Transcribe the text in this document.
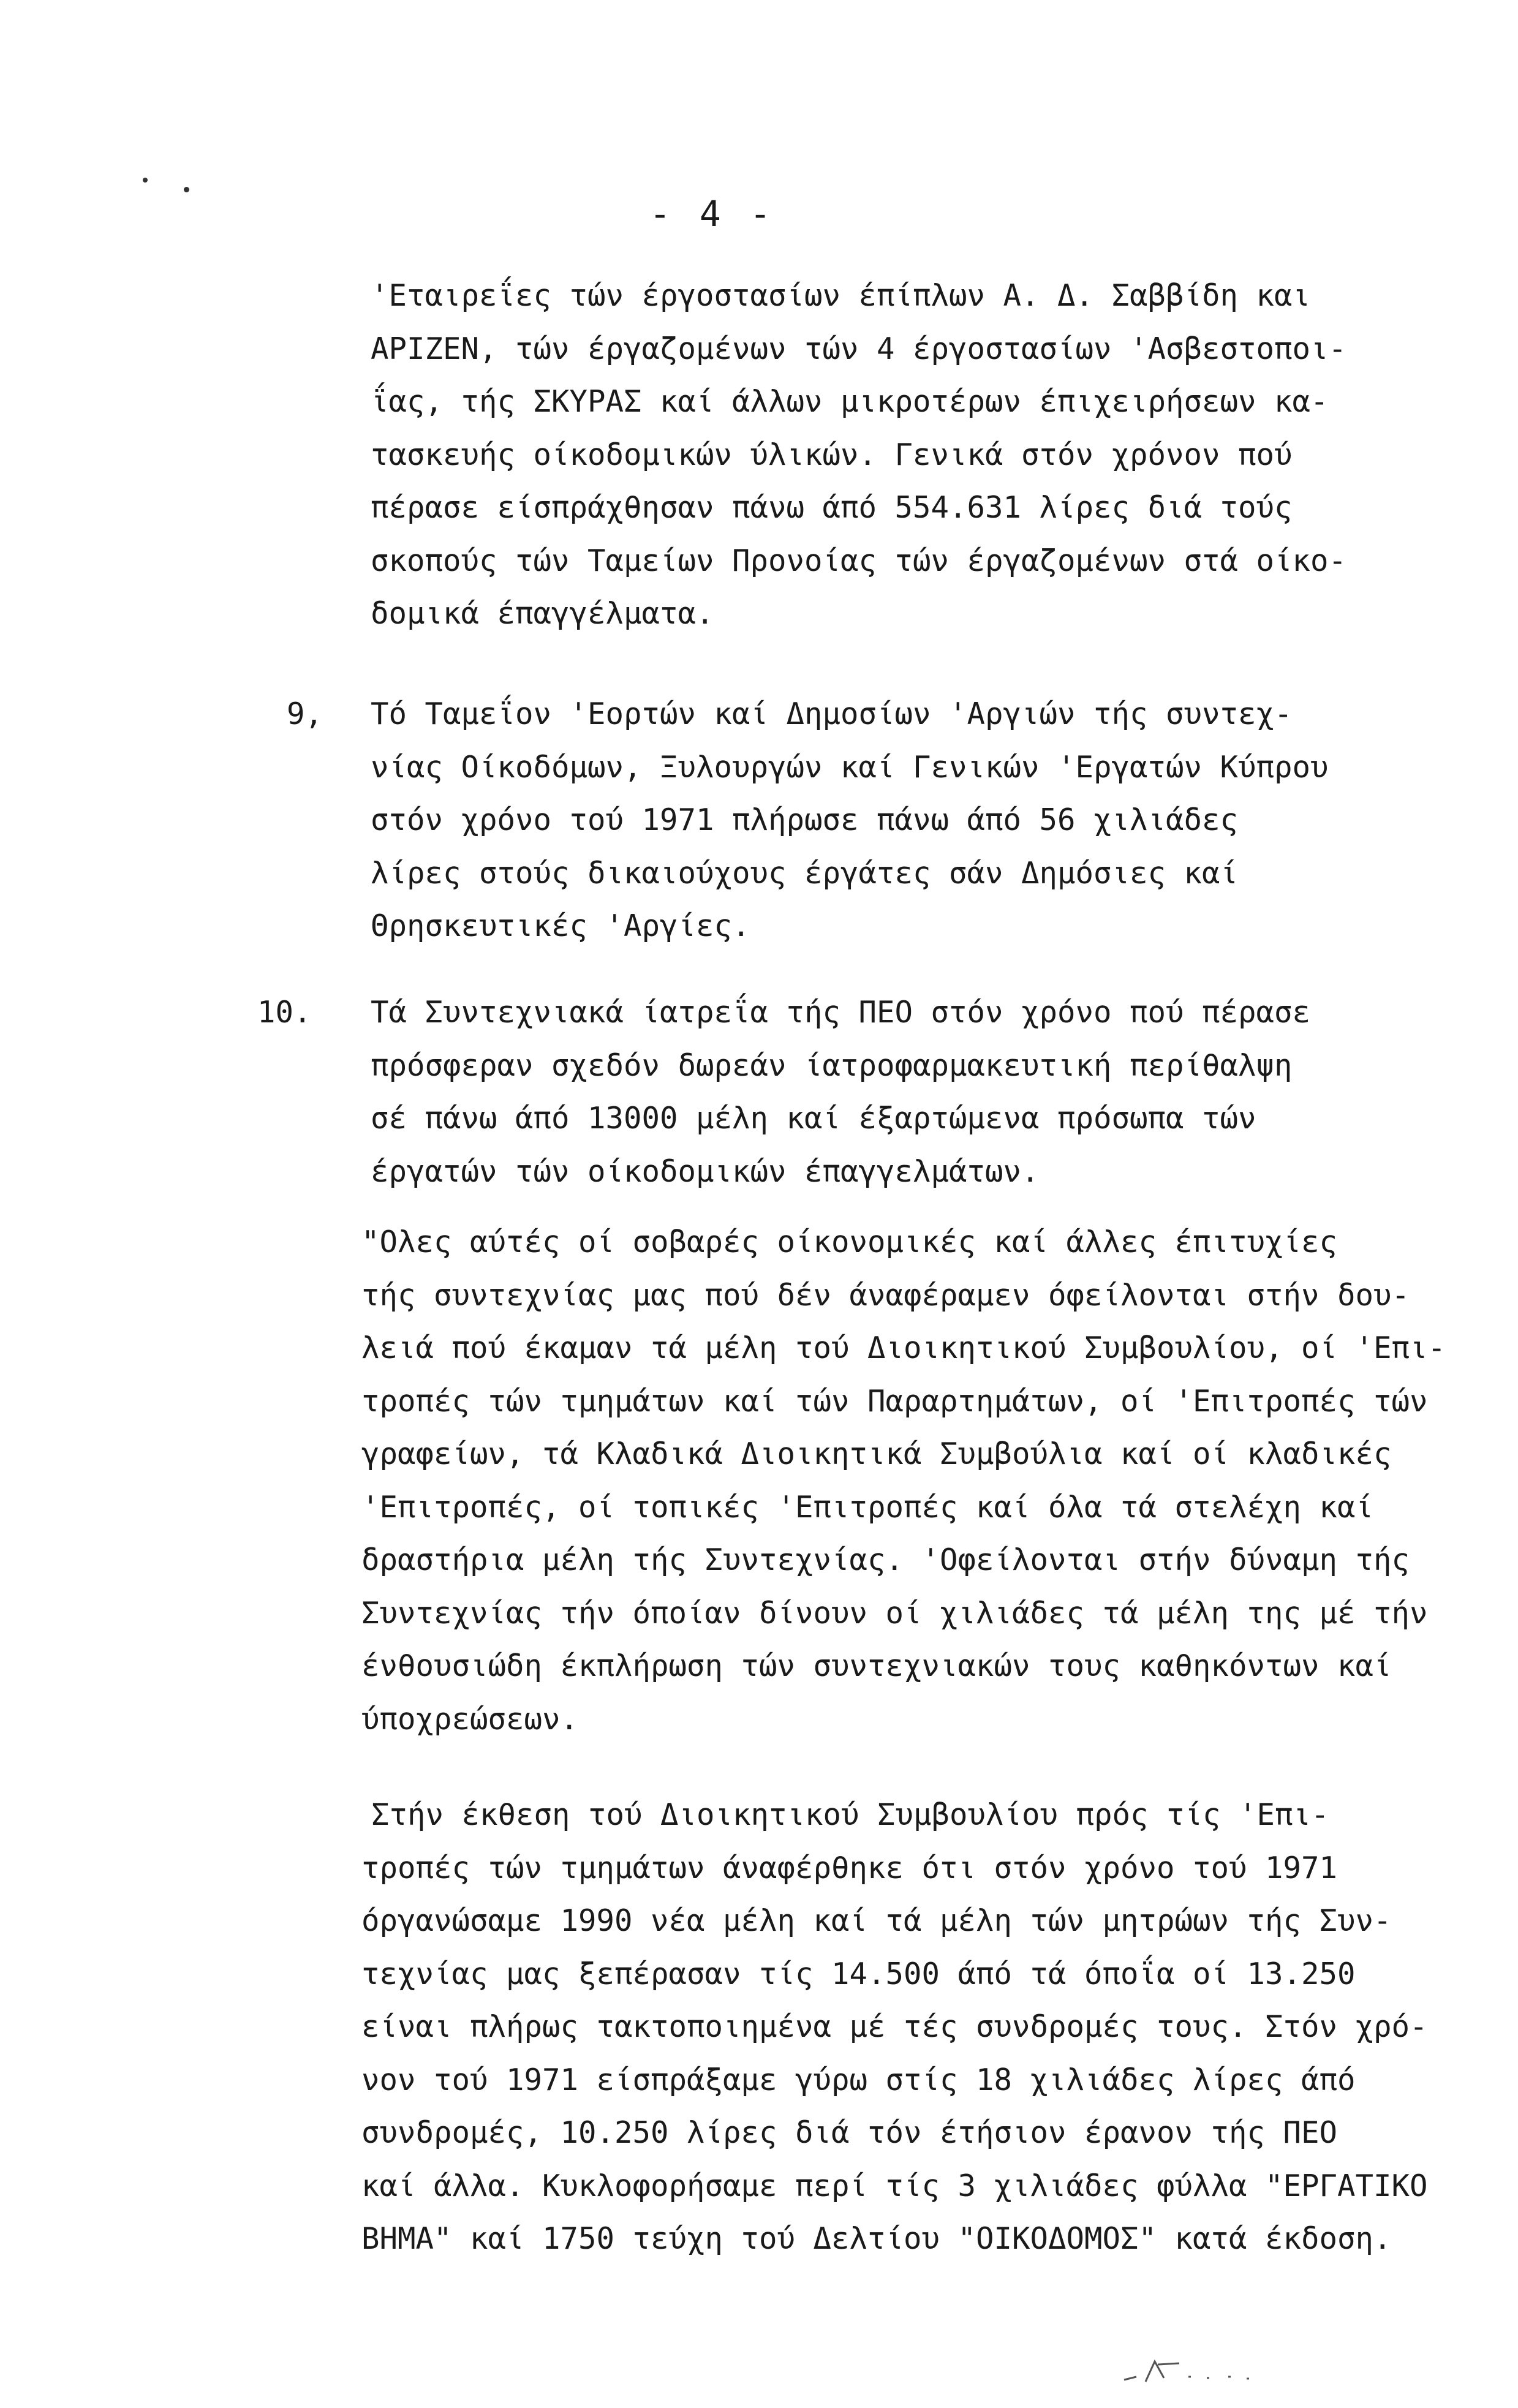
- 4 -
'Εταιρεΐες τών έργοστασίων έπίπλων Α. Δ. Σαββίδη και
ΑΡΙΖΕΝ, τών έργαζομένων τών 4 έργοστασίων 'Ασβεστοποι-
ΐας, τής ΣΚΥΡΑΣ καί άλλων μικροτέρων έπιχειρήσεων κα-
τασκευής οίκοδομικών ύλικών. Γενικά στόν χρόνον πού
πέρασε είσπράχθησαν πάνω άπό 554.631 λίρες διά τούς
σκοπούς τών Ταμείων Προνοίας τών έργαζομένων στά οίκο-
δομικά έπαγγέλματα.
9, Τό Ταμεΐον 'Εορτών καί Δημοσίων 'Αργιών τής συντεχ-
νίας Οίκοδόμων, Ξυλουργών καί Γενικών 'Εργατών Κύπρου
στόν χρόνο τού 1971 πλήρωσε πάνω άπό 56 χιλιάδες
λίρες στούς δικαιούχους έργάτες σάν Δημόσιες καί
Θρησκευτικές 'Αργίες.
10. Τά Συντεχνιακά ίατρεΐα τής ΠΕΟ στόν χρόνο πού πέρασε
πρόσφεραν σχεδόν δωρεάν ίατροφαρμακευτική περίθαλψη
σέ πάνω άπό 13000 μέλη καί έξαρτώμενα πρόσωπα τών
έργατών τών οίκοδομικών έπαγγελμάτων.
"Ολες αύτές οί σοβαρές οίκονομικές καί άλλες έπιτυχίες
τής συντεχνίας μας πού δέν άναφέραμεν όφείλονται στήν δου-
λειά πού έκαμαν τά μέλη τού Διοικητικού Συμβουλίου, οί 'Επι-
τροπές τών τμημάτων καί τών Παραρτημάτων, οί 'Επιτροπές τών
γραφείων, τά Κλαδικά Διοικητικά Συμβούλια καί οί κλαδικές
'Επιτροπές, οί τοπικές 'Επιτροπές καί όλα τά στελέχη καί
δραστήρια μέλη τής Συντεχνίας. 'Οφείλονται στήν δύναμη τής
Συντεχνίας τήν όποίαν δίνουν οί χιλιάδες τά μέλη της μέ τήν
ένθουσιώδη έκπλήρωση τών συντεχνιακών τους καθηκόντων καί
ύποχρεώσεων.
Στήν έκθεση τού Διοικητικού Συμβουλίου πρός τίς 'Επι-
τροπές τών τμημάτων άναφέρθηκε ότι στόν χρόνο τού 1971
όργανώσαμε 1990 νέα μέλη καί τά μέλη τών μητρώων τής Συν-
τεχνίας μας ξεπέρασαν τίς 14.500 άπό τά όποΐα οί 13.250
είναι πλήρως τακτοποιημένα μέ τές συνδρομές τους. Στόν χρό-
νον τού 1971 είσπράξαμε γύρω στίς 18 χιλιάδες λίρες άπό
συνδρομές, 10.250 λίρες διά τόν έτήσιον έρανον τής ΠΕΟ
καί άλλα. Κυκλοφορήσαμε περί τίς 3 χιλιάδες φύλλα "ΕΡΓΑΤΙΚΟ
ΒΗΜΑ" καί 1750 τεύχη τού Δελτίου "ΟΙΚΟΔΟΜΟΣ" κατά έκδοση.
